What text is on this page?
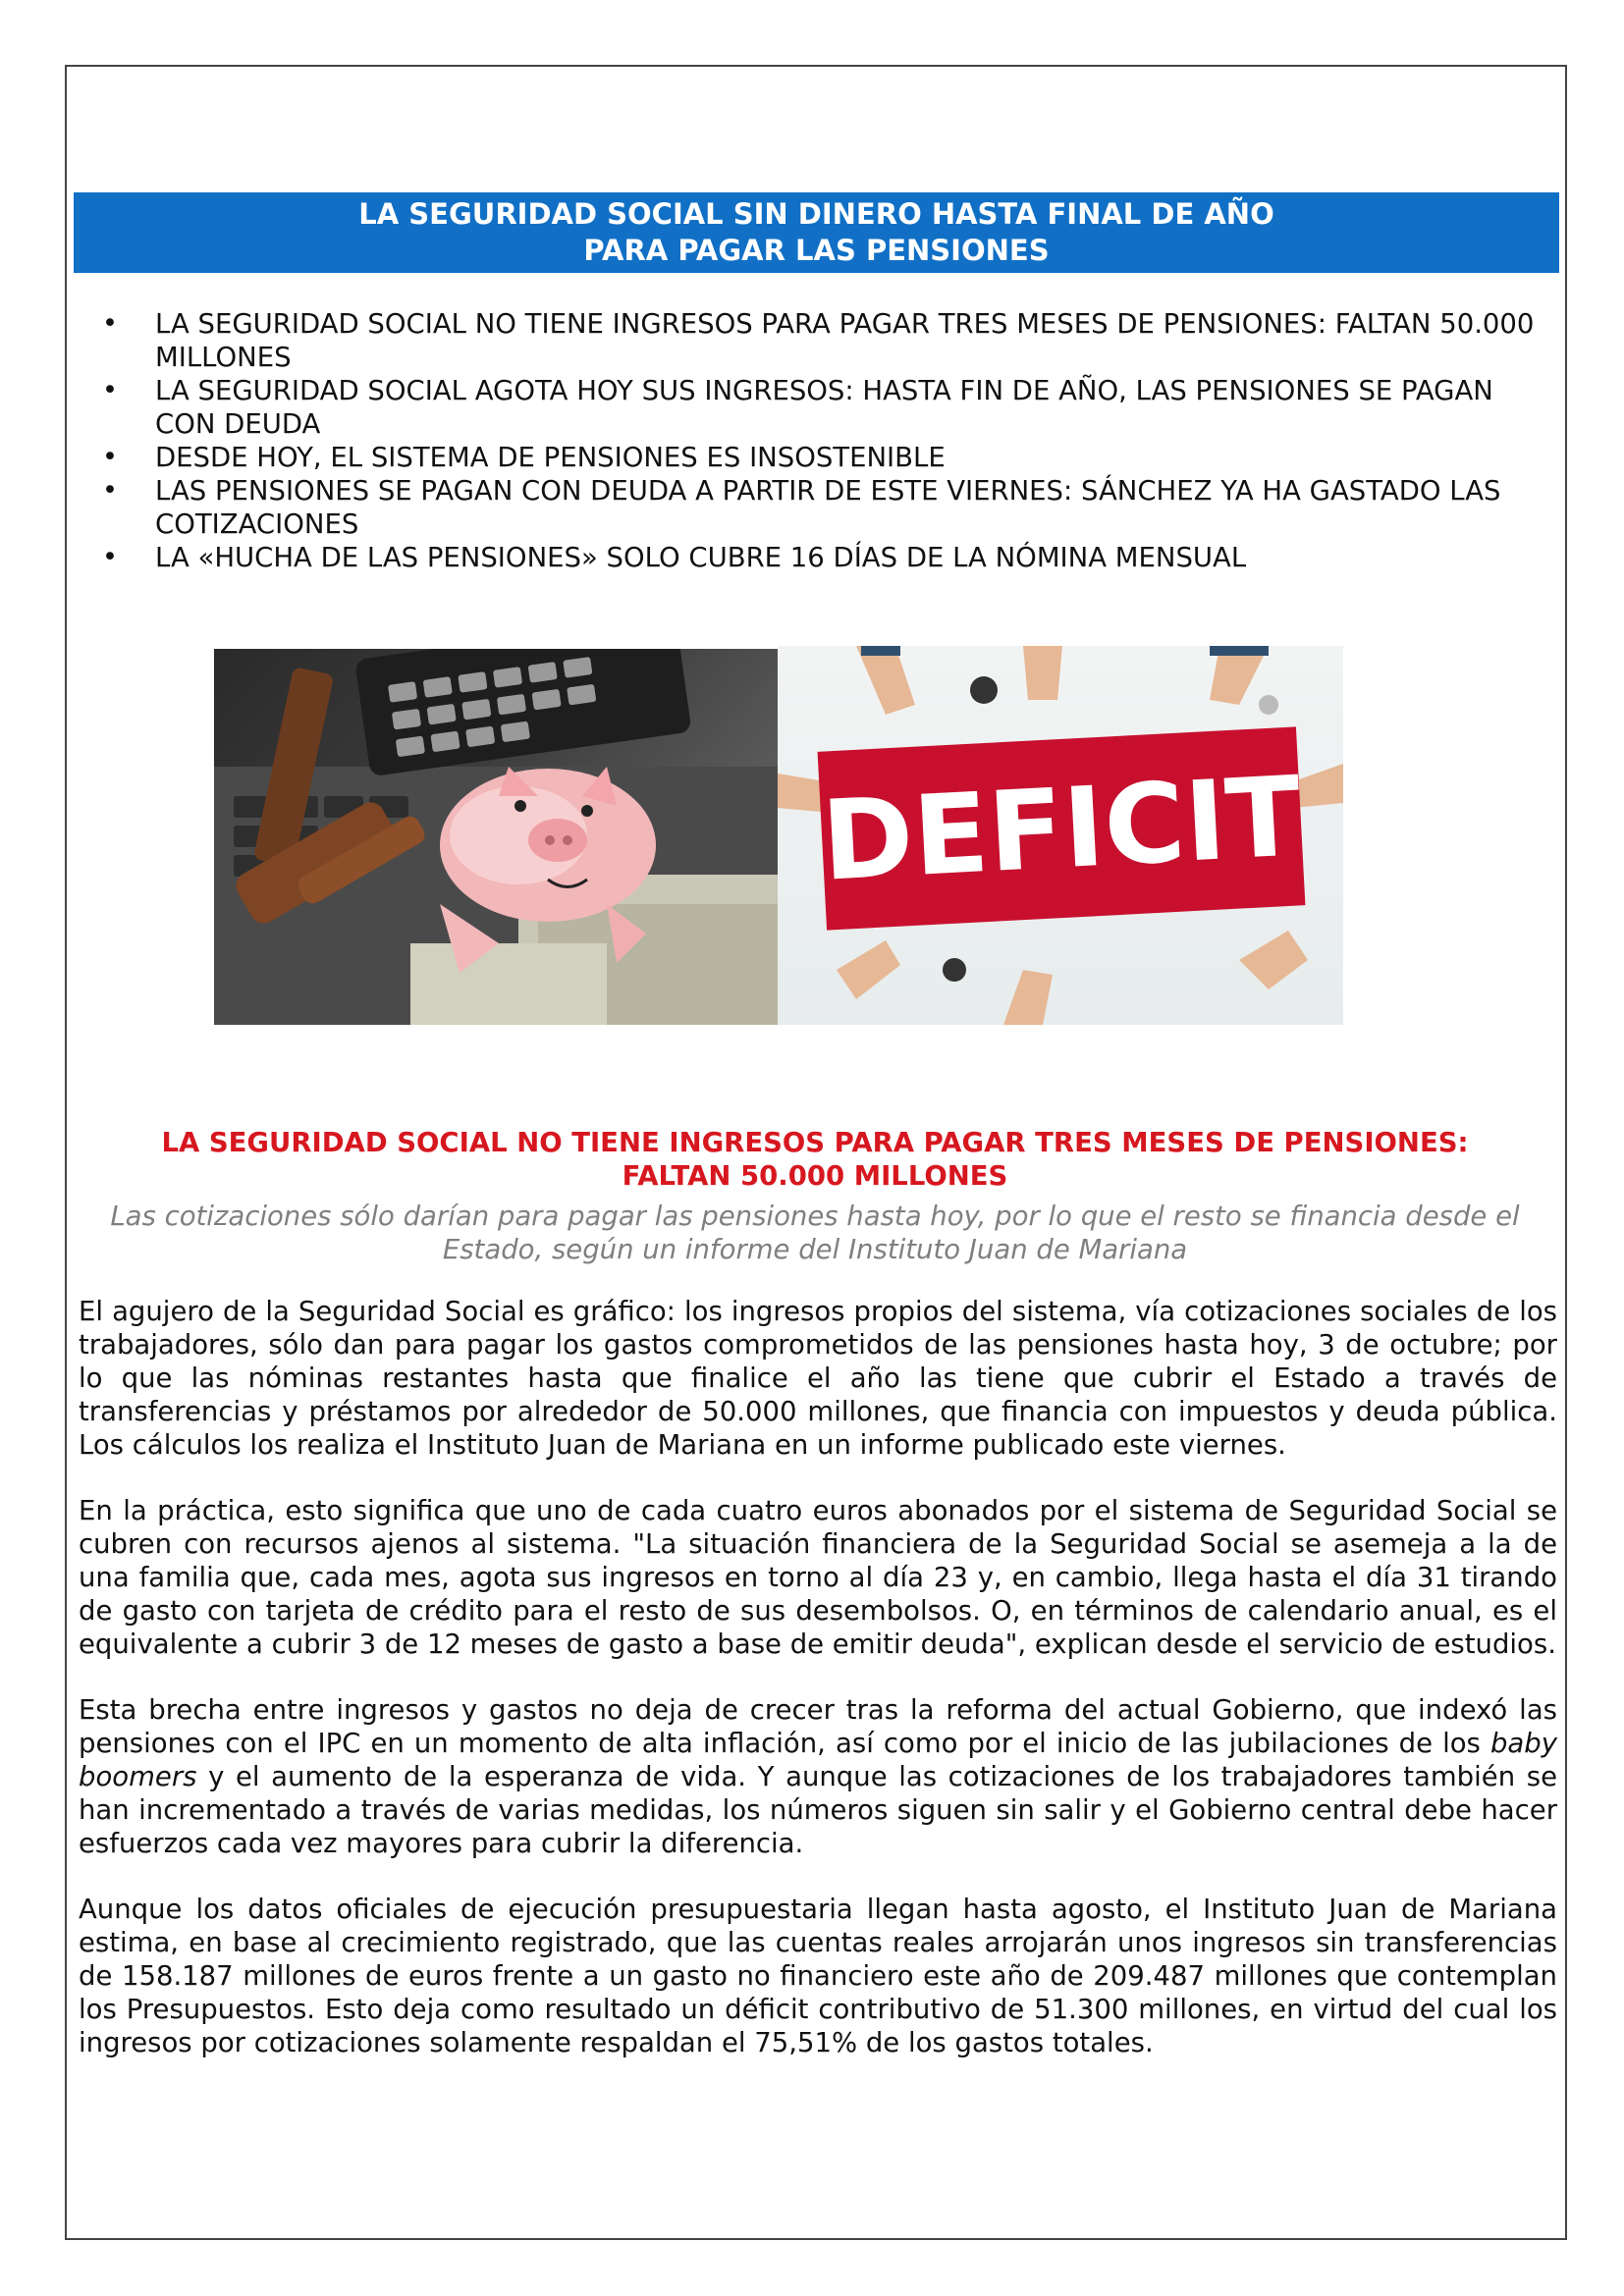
LA SEGURIDAD SOCIAL SIN DINERO HASTA FINAL DE AÑO
PARA PAGAR LAS PENSIONES
• LA SEGURIDAD SOCIAL NO TIENE INGRESOS PARA PAGAR TRES MESES DE PENSIONES: FALTAN 50.000 MILLONES
• LA SEGURIDAD SOCIAL AGOTA HOY SUS INGRESOS: HASTA FIN DE AÑO, LAS PENSIONES SE PAGAN CON DEUDA
• DESDE HOY, EL SISTEMA DE PENSIONES ES INSOSTENIBLE
• LAS PENSIONES SE PAGAN CON DEUDA A PARTIR DE ESTE VIERNES: SÁNCHEZ YA HA GASTADO LAS COTIZACIONES
• LA «HUCHA DE LAS PENSIONES» SOLO CUBRE 16 DÍAS DE LA NÓMINA MENSUAL
DEFICIT
LA SEGURIDAD SOCIAL NO TIENE INGRESOS PARA PAGAR TRES MESES DE PENSIONES:
FALTAN 50.000 MILLONES
Las cotizaciones sólo darían para pagar las pensiones hasta hoy, por lo que el resto se financia desde el Estado, según un informe del Instituto Juan de Mariana

El agujero de la Seguridad Social es gráfico: los ingresos propios del sistema, vía cotizaciones sociales de los trabajadores, sólo dan para pagar los gastos comprometidos de las pensiones hasta hoy, 3 de octubre; por lo que las nóminas restantes hasta que finalice el año las tiene que cubrir el Estado a través de transferencias y préstamos por alrededor de 50.000 millones, que financia con impuestos y deuda pública. Los cálculos los realiza el Instituto Juan de Mariana en un informe publicado este viernes.

En la práctica, esto significa que uno de cada cuatro euros abonados por el sistema de Seguridad Social se cubren con recursos ajenos al sistema. "La situación financiera de la Seguridad Social se asemeja a la de una familia que, cada mes, agota sus ingresos en torno al día 23 y, en cambio, llega hasta el día 31 tirando de gasto con tarjeta de crédito para el resto de sus desembolsos. O, en términos de calendario anual, es el equivalente a cubrir 3 de 12 meses de gasto a base de emitir deuda", explican desde el servicio de estudios.

Esta brecha entre ingresos y gastos no deja de crecer tras la reforma del actual Gobierno, que indexó las pensiones con el IPC en un momento de alta inflación, así como por el inicio de las jubilaciones de los baby boomers y el aumento de la esperanza de vida. Y aunque las cotizaciones de los trabajadores también se han incrementado a través de varias medidas, los números siguen sin salir y el Gobierno central debe hacer esfuerzos cada vez mayores para cubrir la diferencia.

Aunque los datos oficiales de ejecución presupuestaria llegan hasta agosto, el Instituto Juan de Mariana estima, en base al crecimiento registrado, que las cuentas reales arrojarán unos ingresos sin transferencias de 158.187 millones de euros frente a un gasto no financiero este año de 209.487 millones que contemplan los Presupuestos. Esto deja como resultado un déficit contributivo de 51.300 millones, en virtud del cual los ingresos por cotizaciones solamente respaldan el 75,51% de los gastos totales.
